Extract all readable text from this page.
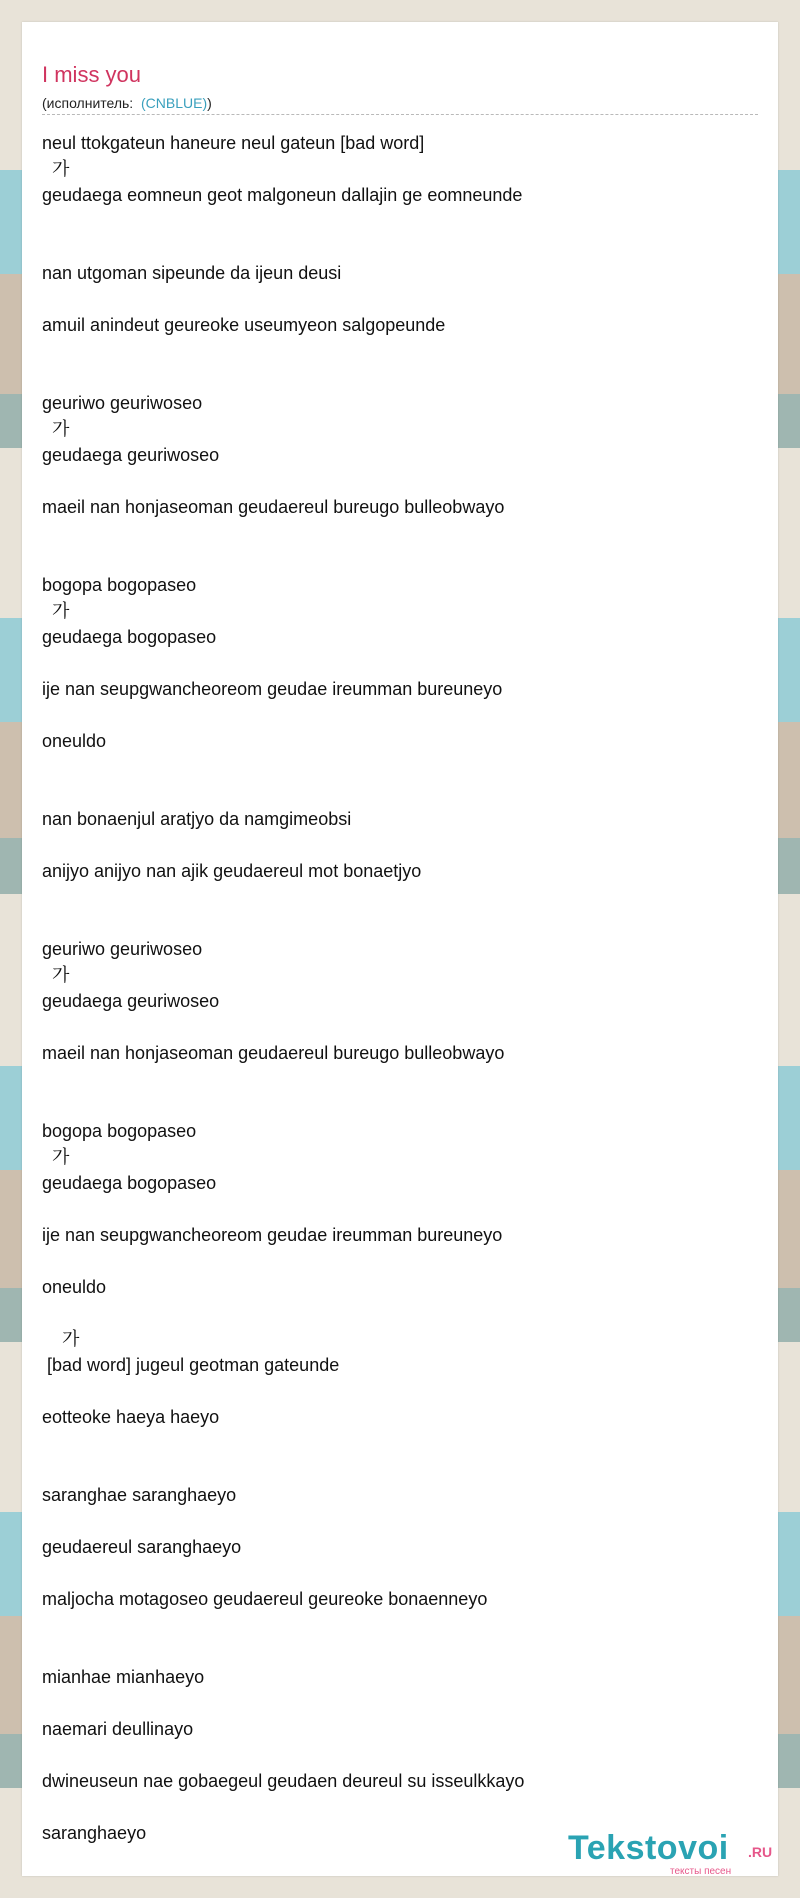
I miss you
(исполнитель:  (CNBLUE))
neul ttokgateun haneure neul gateun [bad word]
가
geudaega eomneun geot malgoneun dallajin ge eomneunde
nan utgoman sipeunde da ijeun deusi
amuil anindeut geureoke useumyeon salgopeunde
geuriwo geuriwoseo
가
geudaega geuriwoseo
maeil nan honjaseoman geudaereul bureugo bulleobwayo
bogopa bogopaseo
가
geudaega bogopaseo
ije nan seupgwancheoreom geudae ireumman bureuneyo
oneuldo
nan bonaenjul aratjyo da namgimeobsi
anijyo anijyo nan ajik geudaereul mot bonaetjyo
geuriwo geuriwoseo
가
geudaega geuriwoseo
maeil nan honjaseoman geudaereul bureugo bulleobwayo
bogopa bogopaseo
가
geudaega bogopaseo
ije nan seupgwancheoreom geudae ireumman bureuneyo
oneuldo
가
[bad word] jugeul geotman gateunde
eotteoke haeya haeyo
saranghae saranghaeyo
geudaereul saranghaeyo
maljocha motagoseo geudaereul geureoke bonaenneyo
mianhae mianhaeyo
naemari deullinayo
dwineuseun nae gobaegeul geudaen deureul su isseulkkayo
saranghaeyo	Tekstovoi .RU
тексты песен
